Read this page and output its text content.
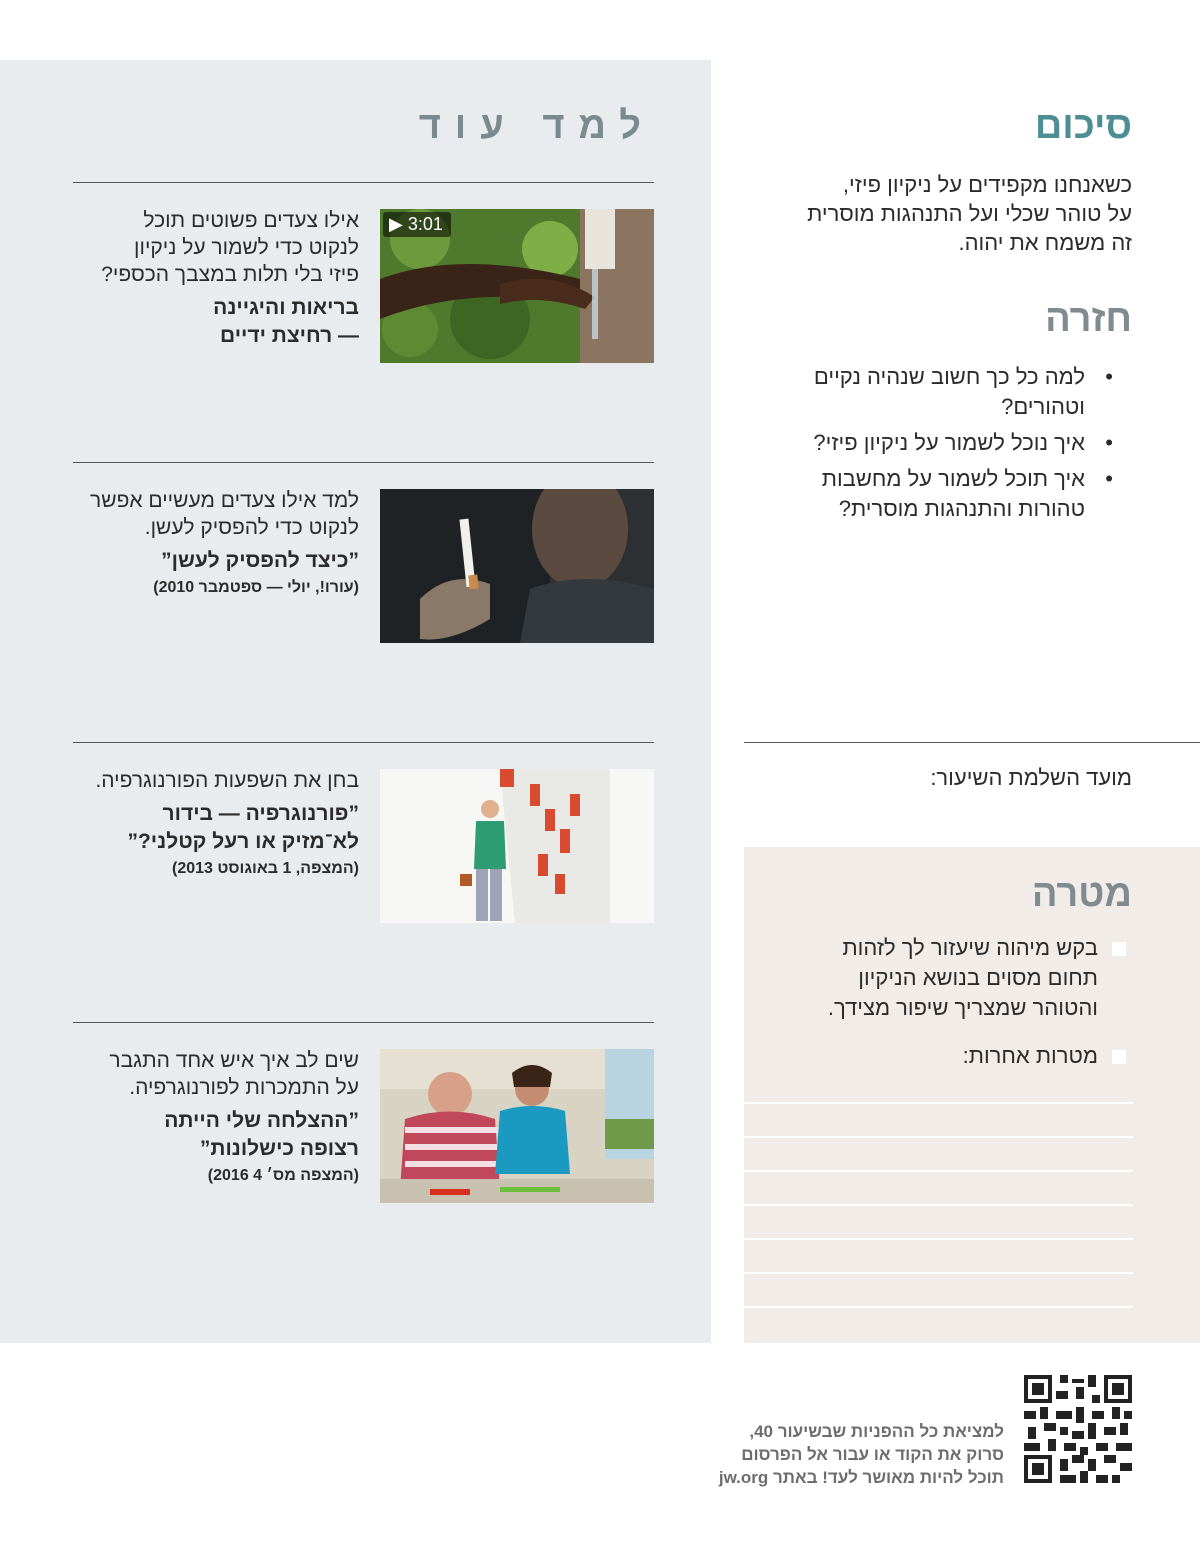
למד עוד	סיכום
כשאנחנו מקפידים על ניקיון פיזי,
על טוהר שכלי ועל התנהגות מוסרית
זה משמח את יהוה.
חזרה
• למה כל כך חשוב שנהיה נקיים
וטהורים?
• איך נוכל לשמור על ניקיון פיזי?
• איך תוכל לשמור על מחשבות
טהורות והתנהגות מוסרית?
מועד השלמת השיעור:
מטרה
בקש מיהוה שיעזור לך לזהות
תחום מסוים בנושא הניקיון
והטוהר שמצריך שיפור מצידך.
מטרות אחרות:
▶ 3:01
אילו צעדים פשוטים תוכל
לנקוט כדי לשמור על ניקיון
פיזי בלי תלות במצבך הכספי?
בריאות והיגיינה
— רחיצת ידיים
למד אילו צעדים מעשיים אפשר
לנקוט כדי להפסיק לעשן.
”כיצד להפסיק לעשן”
(עורו!, יולי — ספטמבר 2010)
בחן את השפעות הפורנוגרפיה.
”פורנוגרפיה — בידור
לא־מזיק או רעל קטלני?”
(המצפה, 1 באוגוסט 2013)
שים לב איך איש אחד התגבר
על התמכרות לפורנוגרפיה.
”ההצלחה שלי הייתה
רצופה כישלונות”
(המצפה מס׳ 4 2016)
למציאת כל ההפניות שבשיעור 40,
סרוק את הקוד או עבור אל הפרסום
תוכל להיות מאושר לעד! באתר jw.org
